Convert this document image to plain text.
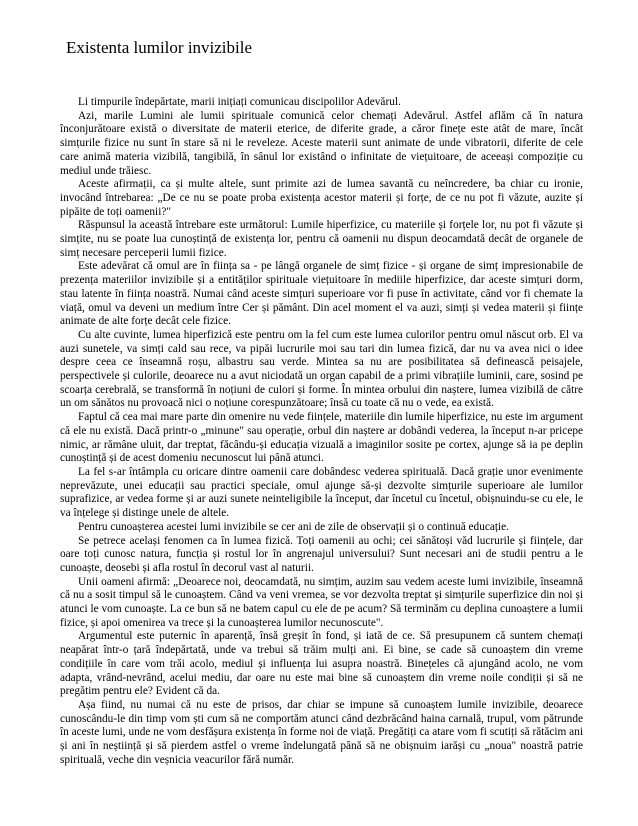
Existenta lumilor invizibile

Li timpurile îndepărtate, marii inițiați comunicau discipolilor Adevărul.

Azi, marile Lumini ale lumii spirituale comunică celor chemați Adevărul. Astfel aflăm că în natura înconjurătoare există o diversitate de materii eterice, de diferite grade, a căror finețe este atât de mare, încât simțurile fizice nu sunt în stare să ni le reveleze. Aceste materii sunt animate de unde vibratorii, diferite de cele care animă materia vizibilă, tangibilă, în sânul lor existând o infinitate de viețuitoare, de aceeași compoziție cu mediul unde trăiesc.

Aceste afirmații, ca și multe altele, sunt primite azi de lumea savantă cu neîncredere, ba chiar cu ironie, invocând întrebarea: „De ce nu se poate proba existența acestor materii și forțe, de ce nu pot fi văzute, auzite și pipăite de toți oamenii?"

Răspunsul la această întrebare este următorul: Lumile hiperfizice, cu materiile și forțele lor, nu pot fi văzute și simțite, nu se poate lua cunoștință de existența lor, pentru că oamenii nu dispun deocamdată decât de organele de simț necesare perceperii lumii fizice.

Este adevărat că omul are în ființa sa - pe lângă organele de simț fizice - și organe de simț impresionabile de prezența materiilor invizibile și a entităților spirituale viețuitoare în mediile hiperfizice, dar aceste simțuri dorm, stau latente în ființa noastră. Numai când aceste simțuri superioare vor fi puse în activitate, când vor fi chemate la viață, omul va deveni un medium între Cer și pământ. Din acel moment el va auzi, simți și vedea materii și ființe animate de alte forțe decât cele fizice.

Cu alte cuvinte, lumea hiperfizică este pentru om la fel cum este lumea culorilor pentru omul născut orb. El va auzi sunetele, va simți cald sau rece, va pipăi lucrurile moi sau tari din lumea fizică, dar nu va avea nici o idee despre ceea ce înseamnă roșu, albastru sau verde. Mintea sa nu are posibilitatea să definească peisajele, perspectivele și culorile, deoarece nu a avut niciodată un organ capabil de a primi vibrațiile luminii, care, sosind pe scoarța cerebrală, se transformă în noțiuni de culori și forme. În mintea orbului din naștere, lumea vizibilă de către un om sănătos nu provoacă nici o noțiune corespunzătoare; însă cu toate că nu o vede, ea există.

Faptul că cea mai mare parte din omenire nu vede ființele, materiile din lumile hiperfizice, nu este im argument că ele nu există. Dacă printr-o „minune" sau operație, orbul din naștere ar dobândi vederea, la început n-ar pricepe nimic, ar rămâne uluit, dar treptat, făcându-și educația vizuală a imaginilor sosite pe cortex, ajunge să ia pe deplin cunoștință și de acest domeniu necunoscut lui până atunci.

La fel s-ar întâmpla cu oricare dintre oamenii care dobândesc vederea spirituală. Dacă grație unor evenimente neprevăzute, unei educații sau practici speciale, omul ajunge să-și dezvolte simțurile superioare ale lumilor suprafizice, ar vedea forme și ar auzi sunete neinteligibile la început, dar încetul cu încetul, obișnuindu-se cu ele, le va înțelege și distinge unele de altele.

Pentru cunoașterea acestei lumi invizibile se cer ani de zile de observații și o continuă educație.

Se petrece același fenomen ca în lumea fizică. Toți oamenii au ochi; cei sănătoși văd lucrurile și ființele, dar oare toți cunosc natura, funcția și rostul lor în angrenajul universului? Sunt necesari ani de studii pentru a le cunoaște, deosebi și afla rostul în decorul vast al naturii.

Unii oameni afirmă: „Deoarece noi, deocamdată, nu simțim, auzim sau vedem aceste lumi invizibile, înseamnă că nu a sosit timpul să le cunoaștem. Când va veni vremea, se vor dezvolta treptat și simțurile superfizice din noi și atunci le vom cunoaște. La ce bun să ne batem capul cu ele de pe acum? Să terminăm cu deplina cunoaștere a lumii fizice, și apoi omenirea va trece și la cunoașterea lumilor necunoscute".

Argumentul este puternic în aparență, însă greșit în fond, și iată de ce. Să presupunem că suntem chemați neapărat într-o țară îndepărtată, unde va trebui să trăim mulți ani. Ei bine, se cade să cunoaștem din vreme condițiile în care vom trăi acolo, mediul și influența lui asupra noastră. Binețeles că ajungând acolo, ne vom adapta, vrând-nevrând, acelui mediu, dar oare nu este mai bine să cunoaștem din vreme noile condiții și să ne pregătim pentru ele? Evident că da.

Așa fiind, nu numai că nu este de prisos, dar chiar se impune să cunoaștem lumile invizibile, deoarece cunoscându-le din timp vom ști cum să ne comportăm atunci când dezbrăcând haina carnală, trupul, vom pătrunde în aceste lumi, unde ne vom desfășura existența în forme noi de viață. Pregătiți ca atare vom fi scutiți să rătăcim ani și ani în neștiință și să pierdem astfel o vreme îndelungată până să ne obișnuim iarăși cu „noua" noastră patrie spirituală, veche din veșnicia veacurilor fără număr.
